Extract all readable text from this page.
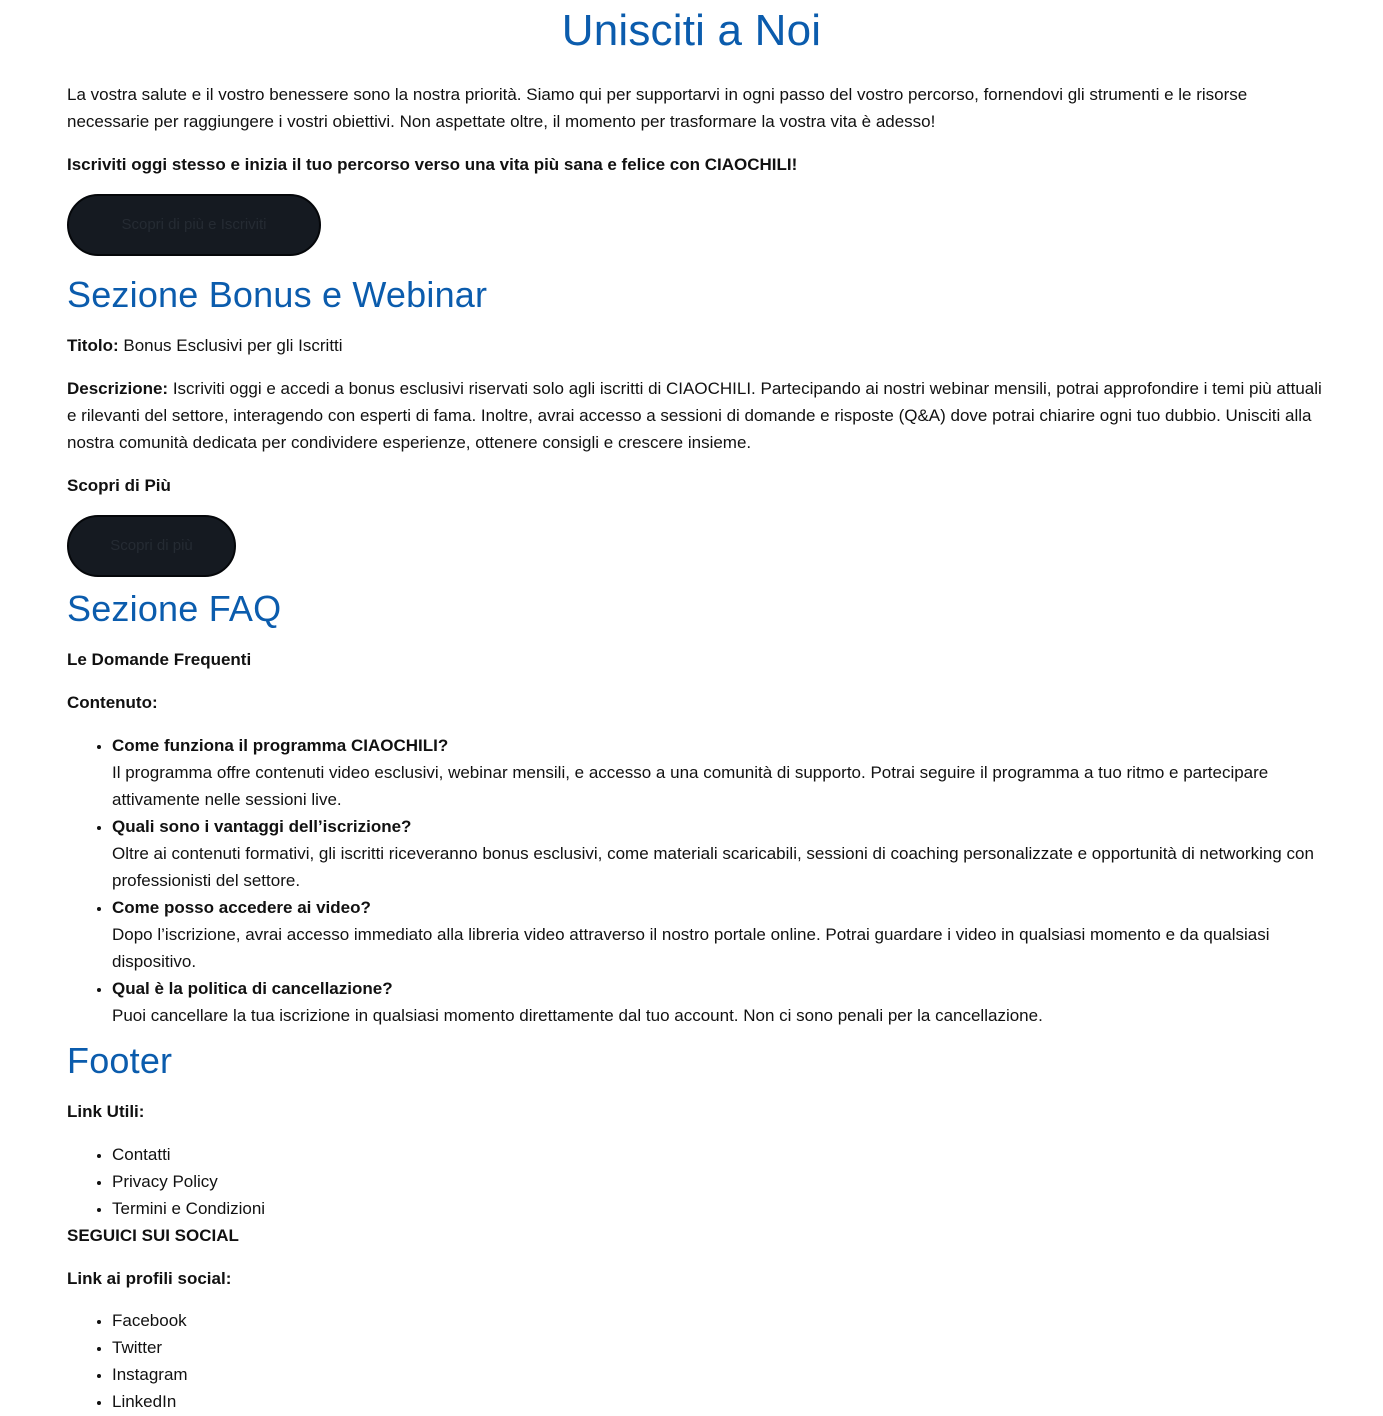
Unisciti a Noi

La vostra salute e il vostro benessere sono la nostra priorità. Siamo qui per supportarvi in ogni passo del vostro percorso, fornendovi gli strumenti e le risorse necessarie per raggiungere i vostri obiettivi. Non aspettate oltre, il momento per trasformare la vostra vita è adesso!

Iscriviti oggi stesso e inizia il tuo percorso verso una vita più sana e felice con CIAOCHILI!

Scopri di più e Iscriviti
Sezione Bonus e Webinar

Titolo: Bonus Esclusivi per gli Iscritti

Descrizione: Iscriviti oggi e accedi a bonus esclusivi riservati solo agli iscritti di CIAOCHILI. Partecipando ai nostri webinar mensili, potrai approfondire i temi più attuali e rilevanti del settore, interagendo con esperti di fama. Inoltre, avrai accesso a sessioni di domande e risposte (Q&A) dove potrai chiarire ogni tuo dubbio. Unisciti alla nostra comunità dedicata per condividere esperienze, ottenere consigli e crescere insieme.

Scopri di Più

Scopri di più
Sezione FAQ

Le Domande Frequenti

Contenuto:

• Come funziona il programma CIAOCHILI?
Il programma offre contenuti video esclusivi, webinar mensili, e accesso a una comunità di supporto. Potrai seguire il programma a tuo ritmo e partecipare attivamente nelle sessioni live.
• Quali sono i vantaggi dell’iscrizione?
Oltre ai contenuti formativi, gli iscritti riceveranno bonus esclusivi, come materiali scaricabili, sessioni di coaching personalizzate e opportunità di networking con professionisti del settore.
• Come posso accedere ai video?
Dopo l’iscrizione, avrai accesso immediato alla libreria video attraverso il nostro portale online. Potrai guardare i video in qualsiasi momento e da qualsiasi dispositivo.
• Qual è la politica di cancellazione?
Puoi cancellare la tua iscrizione in qualsiasi momento direttamente dal tuo account. Non ci sono penali per la cancellazione.
Footer

Link Utili:

• Contatti
• Privacy Policy
• Termini e Condizioni

SEGUICI SUI SOCIAL

Link ai profili social:

• Facebook
• Twitter
• Instagram
• LinkedIn
